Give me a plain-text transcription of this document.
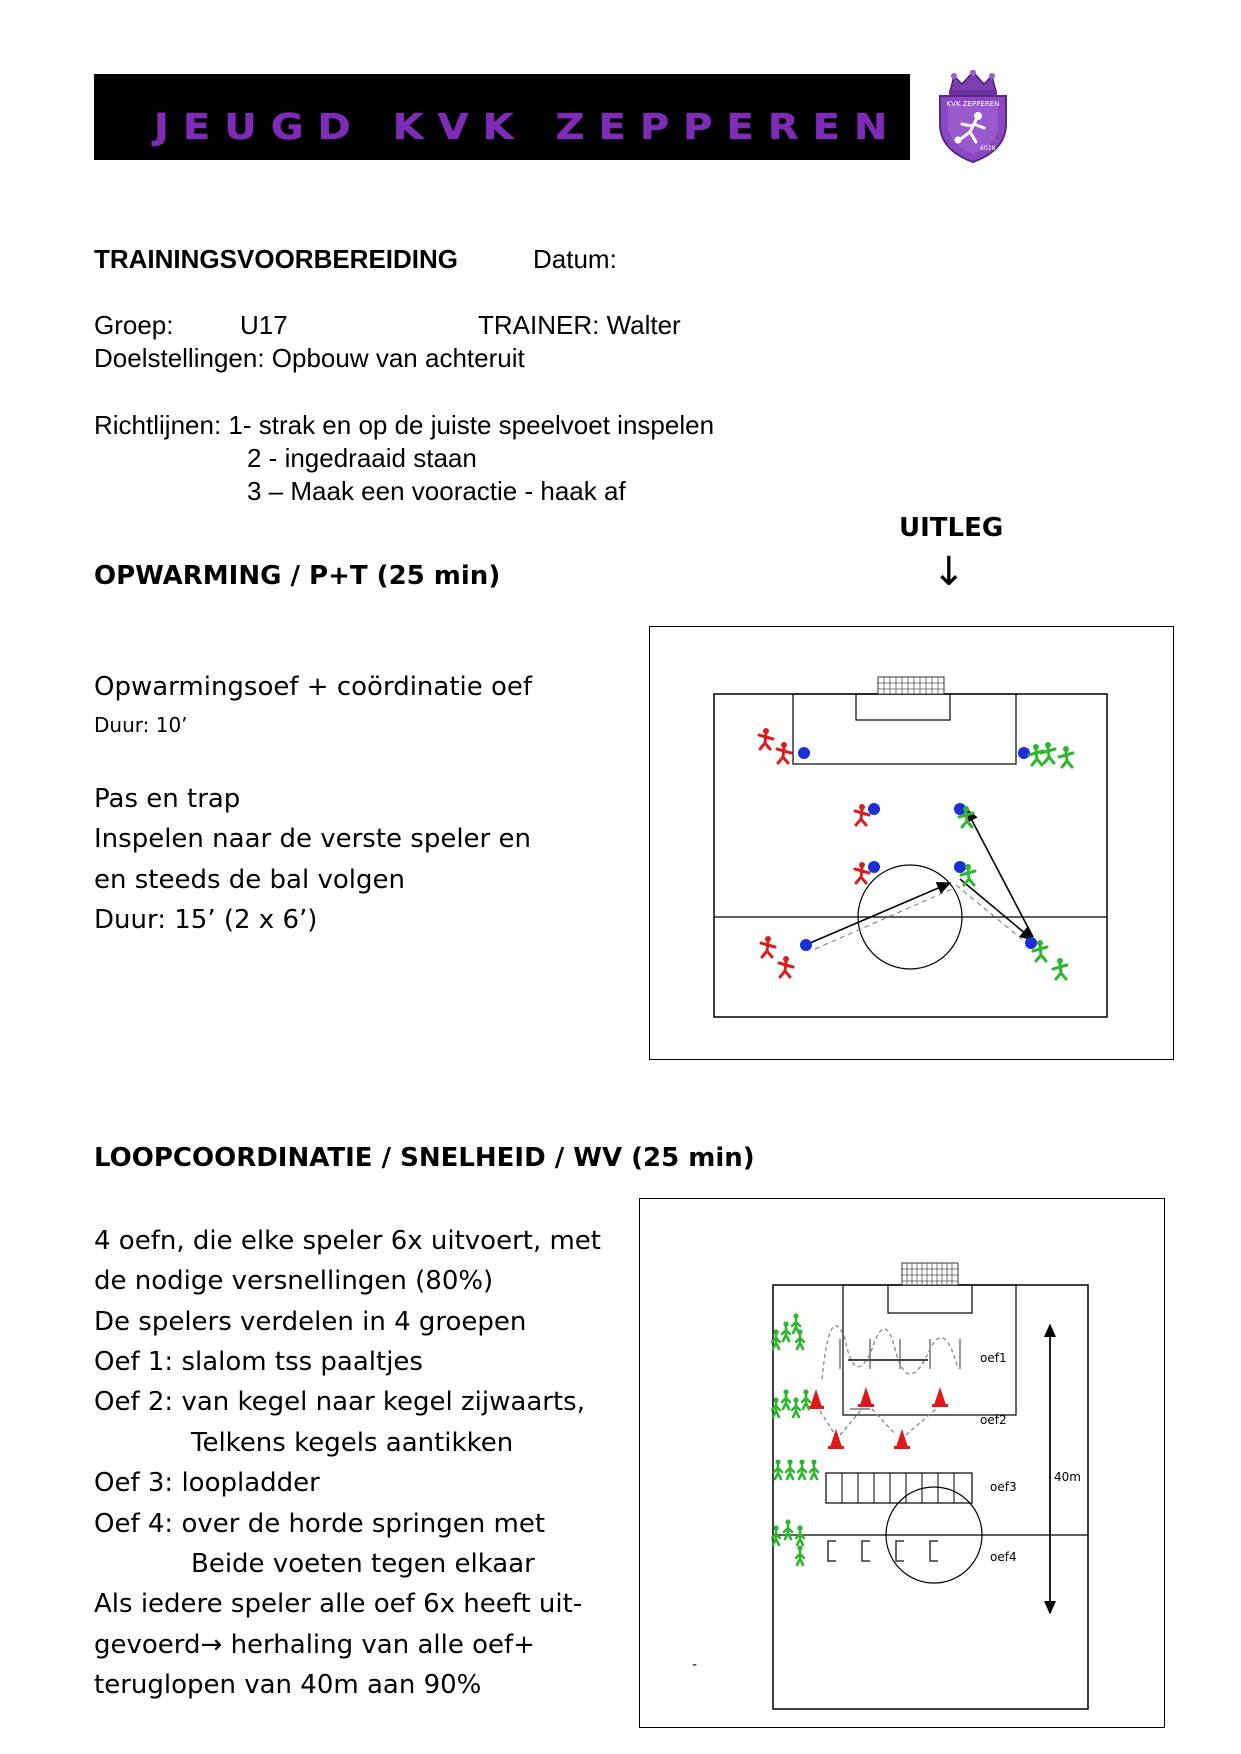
JEUGD KVK ZEPPEREN
KVK ZEPPEREN
6028
TRAININGSVOORBEREIDING	Datum:
Groep:	U17	TRAINER: Walter
Doelstellingen: Opbouw van achteruit
Richtlijnen: 1- strak en op de juiste speelvoet inspelen
2 - ingedraaid staan
3 – Maak een vooractie - haak af
UITLEG
↓
OPWARMING / P+T (25 min)
Opwarmingsoef + coördinatie oef
Duur: 10’
Pas en trap
Inspelen naar de verste speler en
en steeds de bal volgen
Duur: 15’ (2 x 6’)
LOOPCOORDINATIE / SNELHEID / WV (25 min)
4 oefn, die elke speler 6x uitvoert, met
de nodige versnellingen (80%)
De spelers verdelen in 4 groepen
Oef 1: slalom tss paaltjes
Oef 2: van kegel naar kegel zijwaarts,
Telkens kegels aantikken
Oef 3: loopladder
Oef 4: over de horde springen met
Beide voeten tegen elkaar
Als iedere speler alle oef 6x heeft uit-
gevoerd→ herhaling van alle oef+
teruglopen van 40m aan 90%
oef1
oef2
oef3
oef4
40m
-
